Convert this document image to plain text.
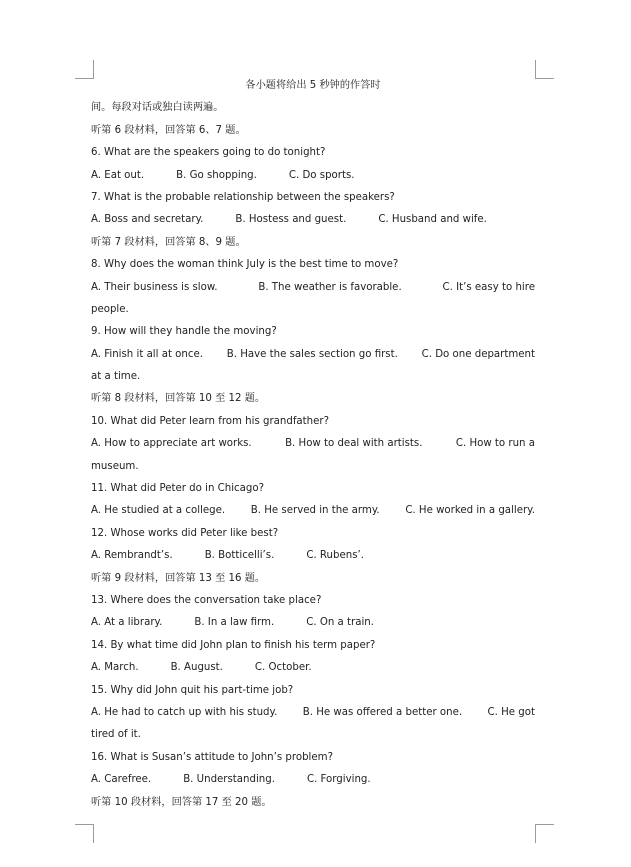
各小题将给出 5 秒钟的作答时
间。每段对话或独白读两遍。
听第 6 段材料，回答第 6、7 题。
6. What are the speakers going to do tonight?
A. Eat out.	B. Go shopping.	C. Do sports.
7. What is the probable relationship between the speakers?
A. Boss and secretary.	B. Hostess and guest.	C. Husband and wife.
听第 7 段材料，回答第 8、9 题。
8. Why does the woman think July is the best time to move?
A. Their business is slow.	B. The weather is favorable.	C. It’s easy to hire
people.
9. How will they handle the moving?
A. Finish it all at once. B. Have the sales section go first. C. Do one department
at a time.
听第 8 段材料，回答第 10 至 12 题。
10. What did Peter learn from his grandfather?
A. How to appreciate art works.	B. How to deal with artists.	C. How to run a
museum.
11. What did Peter do in Chicago?
A. He studied at a college.	B. He served in the army.	C. He worked in a gallery.
12. Whose works did Peter like best?
A. Rembrandt’s.	B. Botticelli’s.	C. Rubens’.
听第 9 段材料，回答第 13 至 16 题。
13. Where does the conversation take place?
A. At a library.	B. In a law firm.	C. On a train.
14. By what time did John plan to finish his term paper?
A. March.	B. August.	C. October.
15. Why did John quit his part-time job?
A. He had to catch up with his study. B. He was offered a better one. C. He got
tired of it.
16. What is Susan’s attitude to John’s problem?
A. Carefree.	B. Understanding.	C. Forgiving.
听第 10 段材料，回答第 17 至 20 题。
